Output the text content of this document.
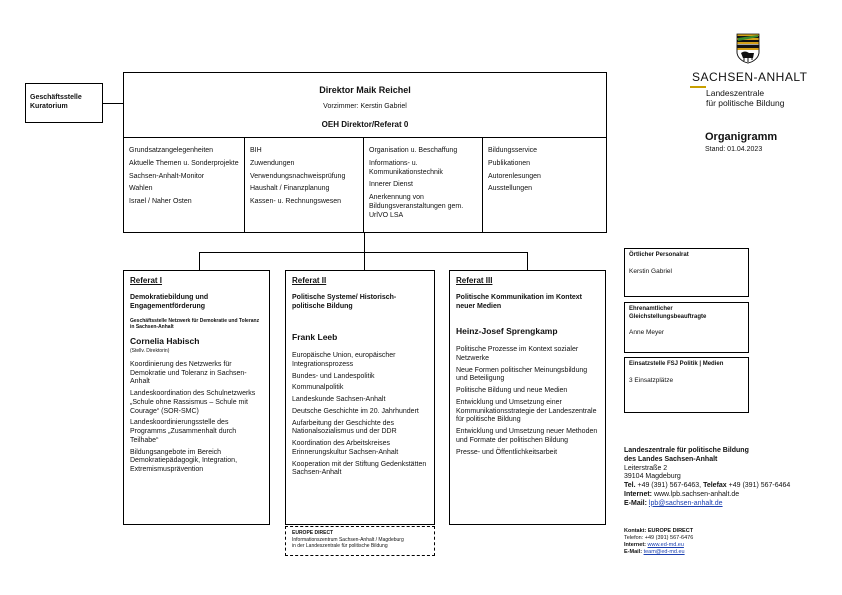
Geschäftsstelle
Kuratorium
Direktor Maik Reichel
Vorzimmer: Kerstin Gabriel
OEH Direktor/Referat 0
Grundsatzangelegenheiten
Aktuelle Themen u. Sonderprojekte
Sachsen-Anhalt-Monitor
Wahlen
Israel / Naher Osten
BIH
Zuwendungen
Verwendungsnachweisprüfung
Haushalt / Finanzplanung
Kassen- u. Rechnungswesen
Organisation u. Beschaffung
Informations- u. Kommunikationstechnik
Innerer Dienst
Anerkennung von Bildungsveranstaltungen gem. UrlVO LSA
Bildungsservice
Publikationen
Autorenlesungen
Ausstellungen
Referat I
Demokratiebildung und Engagementförderung
Geschäftsstelle Netzwerk für Demokratie und Toleranz in Sachsen-Anhalt
Cornelia Habisch
(Stellv. Direktorin)
Koordinierung des Netzwerks für Demokratie und Toleranz in Sachsen-Anhalt
Landeskoordination des Schulnetzwerks „Schule ohne Rassismus – Schule mit Courage“ (SOR-SMC)
Landeskoordinierungsstelle des Programms „Zusammenhalt durch Teilhabe“
Bildungsangebote im Bereich Demokratiepädagogik, Integration, Extremismusprävention
Referat II
Politische Systeme/ Historisch-politische Bildung
Frank Leeb
Europäische Union, europäischer Integrationsprozess
Bundes- und Landespolitik
Kommunalpolitik
Landeskunde Sachsen-Anhalt
Deutsche Geschichte im 20. Jahrhundert
Aufarbeitung der Geschichte des Nationalsozialismus und der DDR
Koordination des Arbeitskreises Erinnerungskultur Sachsen-Anhalt
Kooperation mit der Stiftung Gedenkstätten Sachsen-Anhalt
EUROPE DIRECT
Informationszentrum Sachsen-Anhalt / Magdeburg
in der Landeszentrale für politische Bildung
Referat III
Politische Kommunikation im Kontext neuer Medien
Heinz-Josef Sprengkamp
Politische Prozesse im Kontext sozialer Netzwerke
Neue Formen politischer Meinungsbildung und Beteiligung
Politische Bildung und neue Medien
Entwicklung und Umsetzung einer Kommunikationsstrategie der Landeszentrale für politische Bildung
Entwicklung und Umsetzung neuer Methoden und Formate der politischen Bildung
Presse- und Öffentlichkeitsarbeit
Örtlicher Personalrat
Kerstin Gabriel
Ehrenamtlicher Gleichstellungsbeauftragte
Anne Meyer
Einsatzstelle FSJ Politik | Medien
3 Einsatzplätze
SACHSEN-ANHALT
Landeszentrale
für politische Bildung
Organigramm
Stand: 01.04.2023
Landeszentrale für politische Bildung
des Landes Sachsen-Anhalt
Leiterstraße 2
39104 Magdeburg
Tel. +49 (391) 567-6463, Telefax +49 (391) 567-6464
Internet: www.lpb.sachsen-anhalt.de
E-Mail: lpb@sachsen-anhalt.de
Kontakt: EUROPE DIRECT
Telefon: +49 (391) 567-6476
Internet: www.ed-md.eu
E-Mail: team@ed-md.eu
